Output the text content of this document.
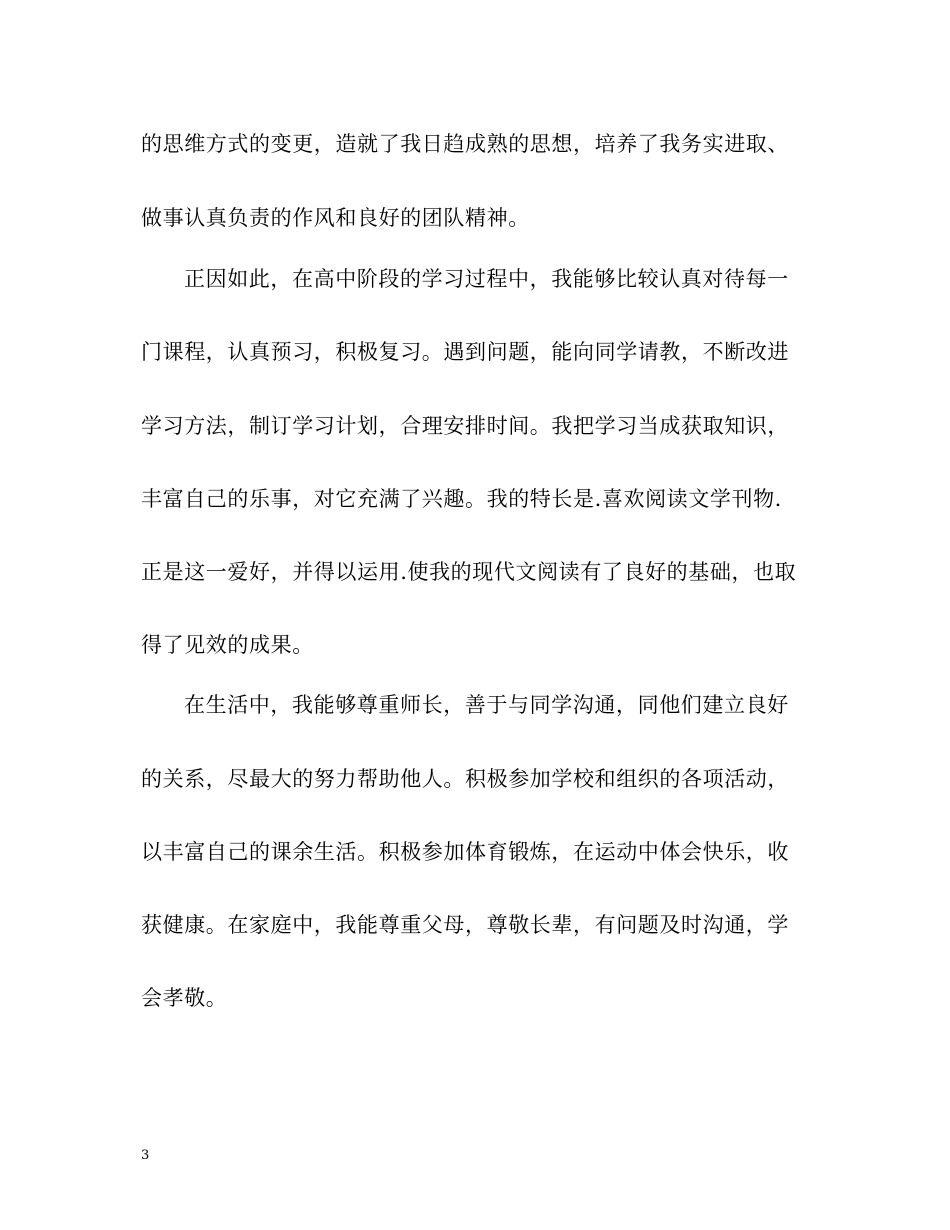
的思维方式的变更，造就了我日趋成熟的思想，培养了我务实进取、
做事认真负责的作风和良好的团队精神。
正因如此，在高中阶段的学习过程中，我能够比较认真对待每一
门课程，认真预习，积极复习。遇到问题，能向同学请教，不断改进
学习方法，制订学习计划，合理安排时间。我把学习当成获取知识，
丰富自己的乐事，对它充满了兴趣。我的特长是.喜欢阅读文学刊物.
正是这一爱好，并得以运用.使我的现代文阅读有了良好的基础，也取
得了见效的成果。
在生活中，我能够尊重师长，善于与同学沟通，同他们建立良好
的关系，尽最大的努力帮助他人。积极参加学校和组织的各项活动，
以丰富自己的课余生活。积极参加体育锻炼，在运动中体会快乐，收
获健康。在家庭中，我能尊重父母，尊敬长辈，有问题及时沟通，学
会孝敬。
3
